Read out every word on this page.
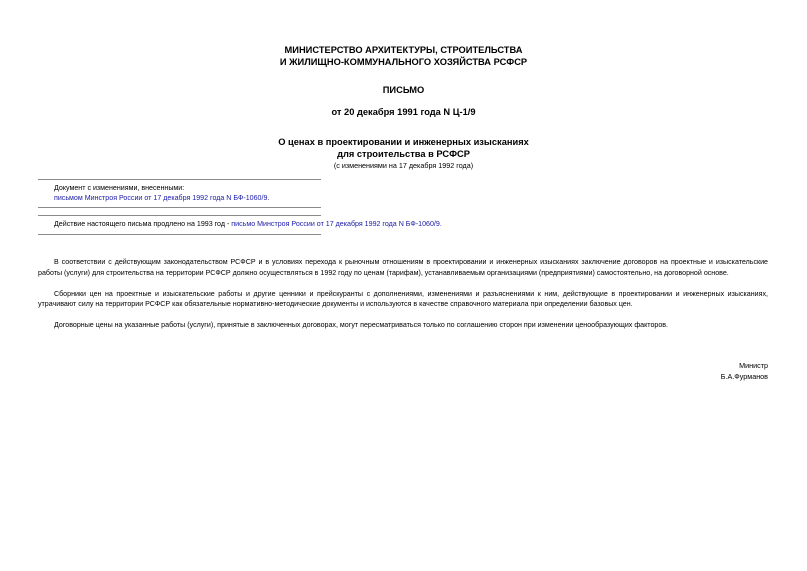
МИНИСТЕРСТВО АРХИТЕКТУРЫ, СТРОИТЕЛЬСТВА
И ЖИЛИЩНО-КОММУНАЛЬНОГО ХОЗЯЙСТВА РСФСР
ПИСЬМО
от 20 декабря 1991 года N Ц-1/9
О ценах в проектировании и инженерных изысканиях
для строительства в РСФСР
(с изменениями на 17 декабря 1992 года)
Документ с изменениями, внесенными:
письмом Минстроя России от 17 декабря 1992 года N БФ-1060/9.
Действие настоящего письма продлено на 1993 год - письмо Минстроя России от 17 декабря 1992 года N БФ-1060/9.

В соответствии с действующим законодательством РСФСР и в условиях перехода к рыночным отношениям в проектировании и инженерных изысканиях заключение договоров на проектные и изыскательские работы (услуги) для строительства на территории РСФСР должно осуществляться в 1992 году по ценам (тарифам), устанавливаемым организациями (предприятиями) самостоятельно, на договорной основе.

Сборники цен на проектные и изыскательские работы и другие ценники и прейскуранты с дополнениями, изменениями и разъяснениями к ним, действующие в проектировании и инженерных изысканиях, утрачивают силу на территории РСФСР как обязательные нормативно-методические документы и используются в качестве справочного материала при определении базовых цен.

Договорные цены на указанные работы (услуги), принятые в заключенных договорах, могут пересматриваться только по соглашению сторон при изменении ценообразующих факторов.

Министр
Б.А.Фурманов
